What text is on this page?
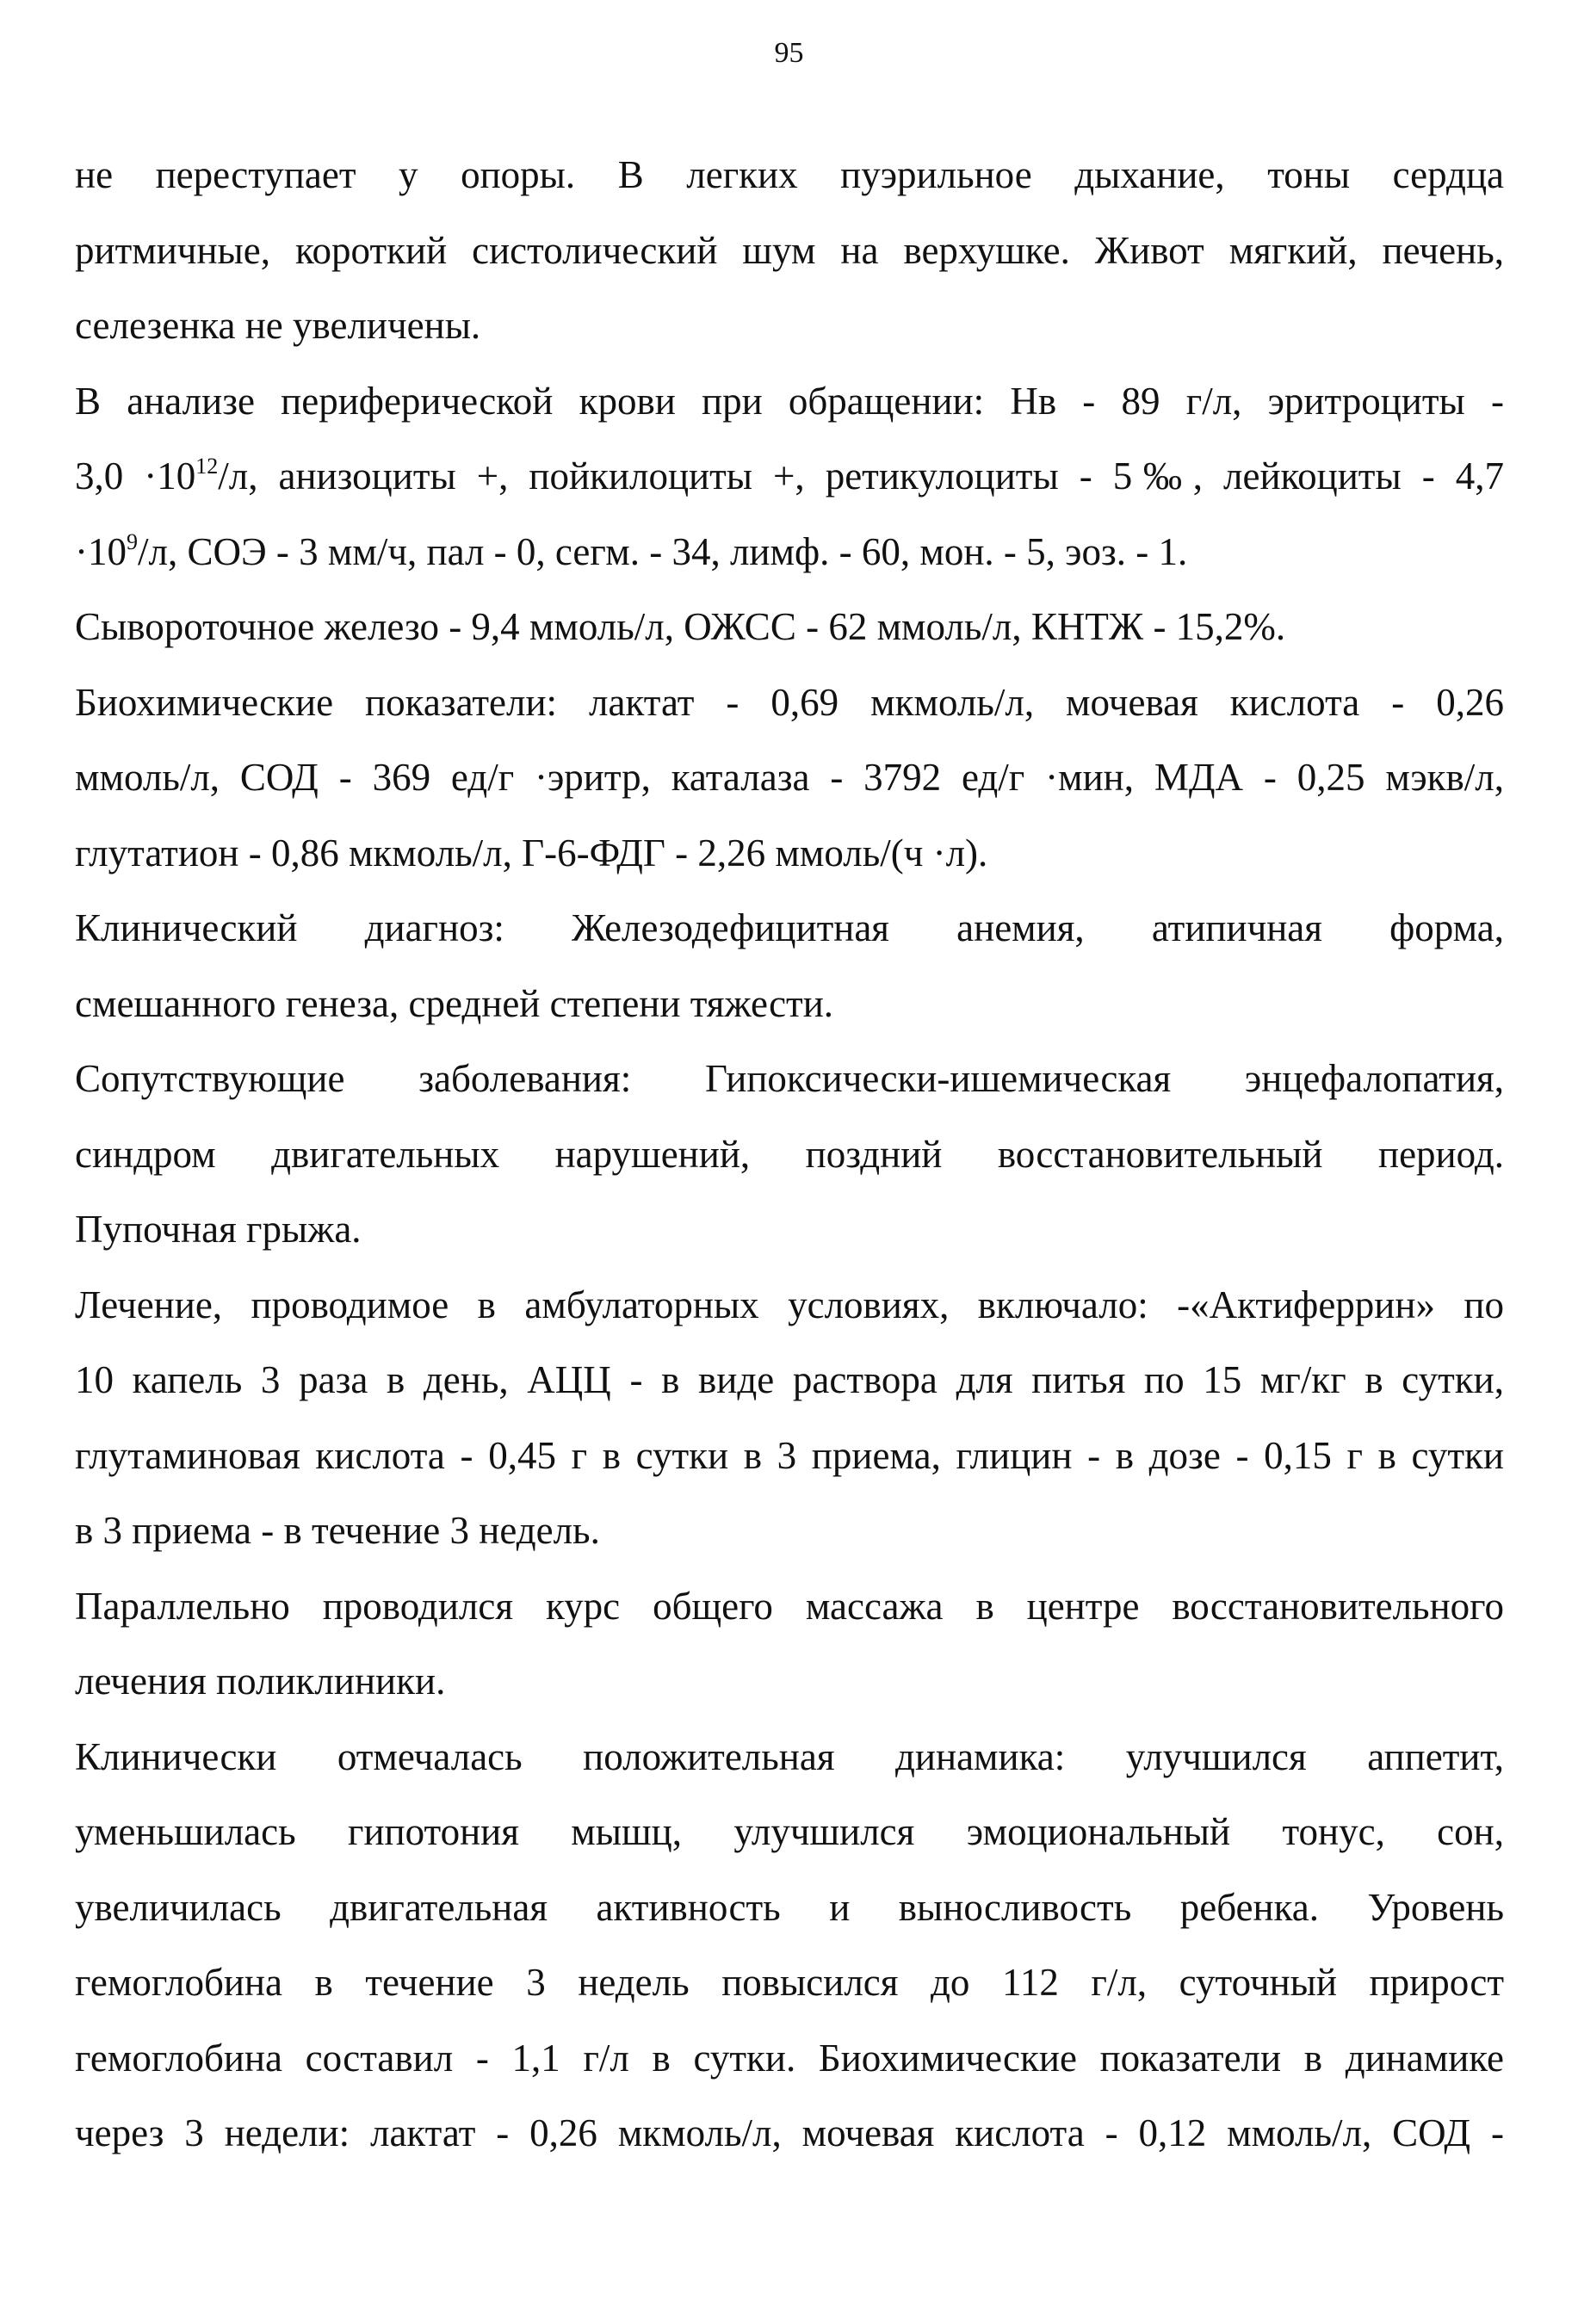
95
не переступает у опоры. В легких пуэрильное дыхание, тоны сердца
ритмичные, короткий систолический шум на верхушке. Живот мягкий, печень,
селезенка не увеличены.
В анализе периферической крови при обращении: Нв - 89 г/л, эритроциты -
$3,0 \cdot 10^{12}/л$, анизоциты +, пойкилоциты +, ретикулоциты - 5‰, лейкоциты - 4,7
$\cdot 10^9/л$, СОЭ - 3 мм/ч, пал - 0, сегм. - 34, лимф. - 60, мон. - 5, эоз. - 1.
Сывороточное железо - 9,4 ммоль/л, ОЖСС - 62 ммоль/л, КНТЖ - 15,2%.
Биохимические показатели: лактат - 0,69 мкмоль/л, мочевая кислота - 0,26
ммоль/л, СОД - 369 ед/г ·эритр, каталаза - 3792 ед/г ·мин, МДА - 0,25 мэкв/л,
глутатион - 0,86 мкмоль/л, Г-6-ФДГ - 2,26 ммоль/(ч ·л).
Клинический диагноз: Железодефицитная анемия, атипичная форма,
смешанного генеза, средней степени тяжести.
Сопутствующие заболевания: Гипоксически-ишемическая энцефалопатия,
синдром двигательных нарушений, поздний восстановительный период.
Пупочная грыжа.
Лечение, проводимое в амбулаторных условиях, включало: -«Актиферрин» по
10 капель 3 раза в день, АЦЦ - в виде раствора для питья по 15 мг/кг в сутки,
глутаминовая кислота - 0,45 г в сутки в 3 приема, глицин - в дозе - 0,15 г в сутки
в 3 приема - в течение 3 недель.
Параллельно проводился курс общего массажа в центре восстановительного
лечения поликлиники.
Клинически отмечалась положительная динамика: улучшился аппетит,
уменьшилась гипотония мышц, улучшился эмоциональный тонус, сон,
увеличилась двигательная активность и выносливость ребенка. Уровень
гемоглобина в течение 3 недель повысился до 112 г/л, суточный прирост
гемоглобина составил - 1,1 г/л в сутки. Биохимические показатели в динамике
через 3 недели: лактат - 0,26 мкмоль/л, мочевая кислота - 0,12 ммоль/л, СОД -
